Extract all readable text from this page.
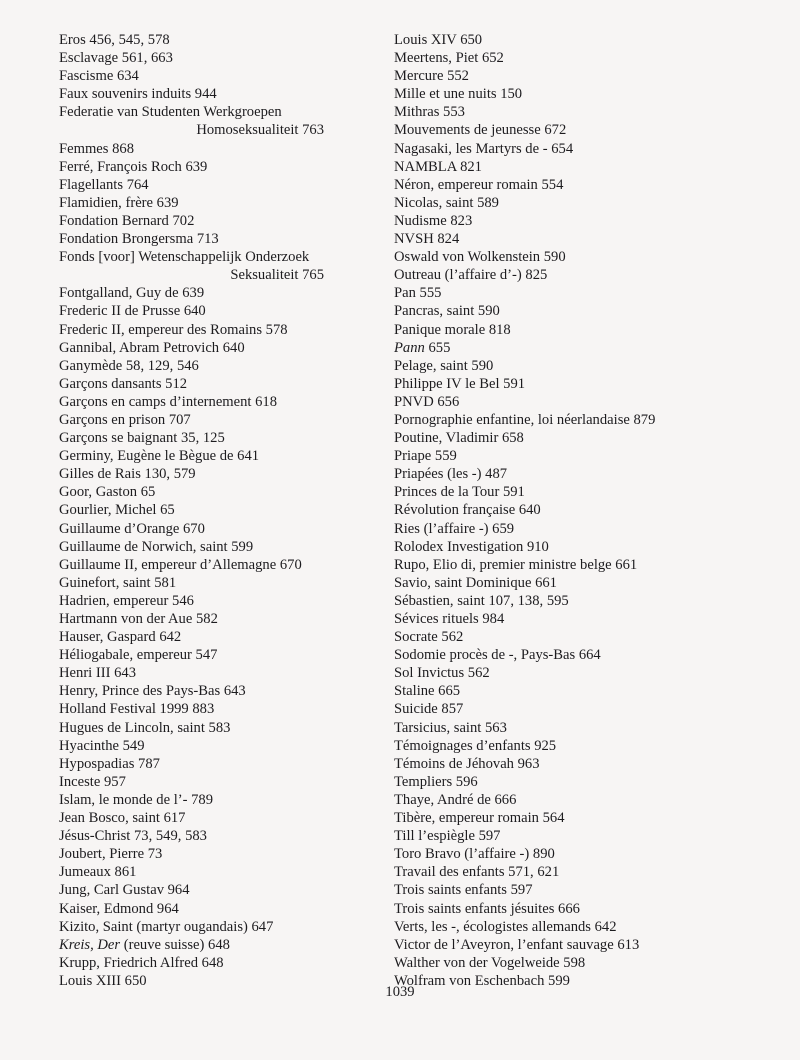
Eros 456, 545, 578
Esclavage 561, 663
Fascisme 634
Faux souvenirs induits 944
Federatie van Studenten Werkgroepen
Homoseksualiteit 763
Femmes 868
Ferré, François Roch 639
Flagellants 764
Flamidien, frère 639
Fondation Bernard 702
Fondation Brongersma 713
Fonds [voor] Wetenschappelijk Onderzoek
Seksualiteit 765
Fontgalland, Guy de 639
Frederic II de Prusse 640
Frederic II, empereur des Romains 578
Gannibal, Abram Petrovich 640
Ganymède 58, 129, 546
Garçons dansants 512
Garçons en camps d’internement 618
Garçons en prison 707
Garçons se baignant 35, 125
Germiny, Eugène le Bègue de 641
Gilles de Rais 130, 579
Goor, Gaston 65
Gourlier, Michel 65
Guillaume d’Orange 670
Guillaume de Norwich, saint 599
Guillaume II, empereur d’Allemagne 670
Guinefort, saint 581
Hadrien, empereur 546
Hartmann von der Aue 582
Hauser, Gaspard 642
Héliogabale, empereur 547
Henri III 643
Henry, Prince des Pays-Bas 643
Holland Festival 1999 883
Hugues de Lincoln, saint 583
Hyacinthe 549
Hypospadias 787
Inceste 957
Islam, le monde de l’- 789
Jean Bosco, saint 617
Jésus-Christ 73, 549, 583
Joubert, Pierre 73
Jumeaux 861
Jung, Carl Gustav 964
Kaiser, Edmond 964
Kizito, Saint (martyr ougandais) 647
Kreis, Der (reuve suisse) 648
Krupp, Friedrich Alfred 648
Louis XIII 650
Louis XIV 650
Meertens, Piet 652
Mercure 552
Mille et une nuits 150
Mithras 553
Mouvements de jeunesse 672
Nagasaki, les Martyrs de - 654
NAMBLA 821
Néron, empereur romain 554
Nicolas, saint 589
Nudisme 823
NVSH 824
Oswald von Wolkenstein 590
Outreau (l’affaire d’-) 825
Pan 555
Pancras, saint 590
Panique morale 818
Pann 655
Pelage, saint 590
Philippe IV le Bel 591
PNVD 656
Pornographie enfantine, loi néerlandaise 879
Poutine, Vladimir 658
Priape 559
Priapées (les -) 487
Princes de la Tour 591
Révolution française 640
Ries (l’affaire -) 659
Rolodex Investigation 910
Rupo, Elio di, premier ministre belge 661
Savio, saint Dominique 661
Sébastien, saint 107, 138, 595
Sévices rituels 984
Socrate 562
Sodomie procès de -, Pays-Bas 664
Sol Invictus 562
Staline 665
Suicide 857
Tarsicius, saint 563
Témoignages d’enfants 925
Témoins de Jéhovah 963
Templiers 596
Thaye, André de 666
Tibère, empereur romain 564
Till l’espiègle 597
Toro Bravo (l’affaire -) 890
Travail des enfants 571, 621
Trois saints enfants 597
Trois saints enfants jésuites 666
Verts, les -, écologistes allemands 642
Victor de l’Aveyron, l’enfant sauvage 613
Walther von der Vogelweide 598
Wolfram von Eschenbach 599
1039
